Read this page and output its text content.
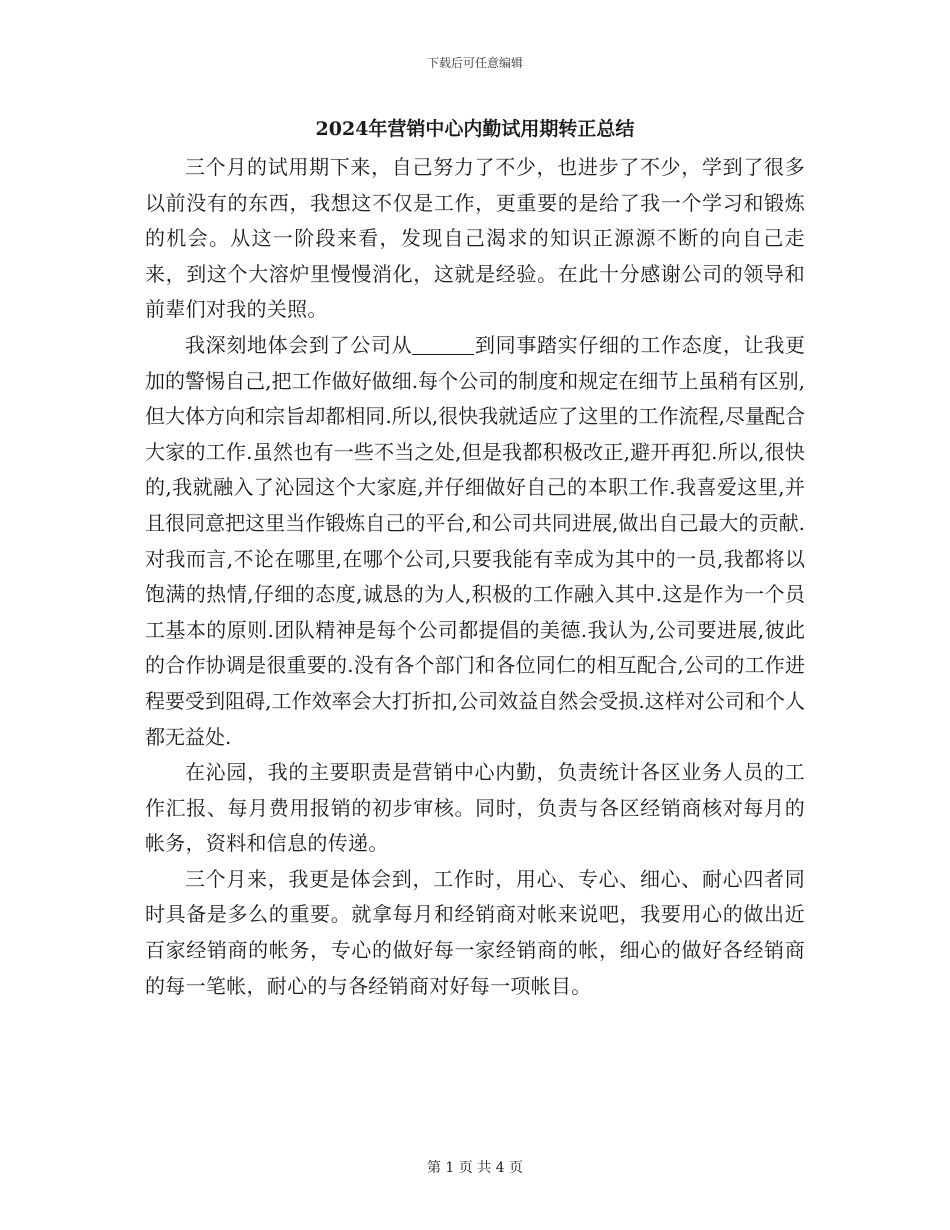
下载后可任意编辑
2024年营销中心内勤试用期转正总结

三个月的试用期下来，自己努力了不少，也进步了不少，学到了很多以前没有的东西，我想这不仅是工作，更重要的是给了我一个学习和锻炼的机会。从这一阶段来看，发现自己渴求的知识正源源不断的向自己走来，到这个大溶炉里慢慢消化，这就是经验。在此十分感谢公司的领导和前辈们对我的关照。

我深刻地体会到了公司从	到同事踏实仔细的工作态度，让我更加的警惕自己,把工作做好做细.每个公司的制度和规定在细节上虽稍有区别,但大体方向和宗旨却都相同.所以,很快我就适应了这里的工作流程,尽量配合大家的工作.虽然也有一些不当之处,但是我都积极改正,避开再犯.所以,很快的,我就融入了沁园这个大家庭,并仔细做好自己的本职工作.我喜爱这里,并且很同意把这里当作锻炼自己的平台,和公司共同进展,做出自己最大的贡献.对我而言,不论在哪里,在哪个公司,只要我能有幸成为其中的一员,我都将以饱满的热情,仔细的态度,诚恳的为人,积极的工作融入其中.这是作为一个员工基本的原则.团队精神是每个公司都提倡的美德.我认为,公司要进展,彼此的合作协调是很重要的.没有各个部门和各位同仁的相互配合,公司的工作进程要受到阻碍,工作效率会大打折扣,公司效益自然会受损.这样对公司和个人都无益处.

在沁园，我的主要职责是营销中心内勤，负责统计各区业务人员的工作汇报、每月费用报销的初步审核。同时，负责与各区经销商核对每月的帐务，资料和信息的传递。

三个月来，我更是体会到，工作时，用心、专心、细心、耐心四者同时具备是多么的重要。就拿每月和经销商对帐来说吧，我要用心的做出近百家经销商的帐务，专心的做好每一家经销商的帐，细心的做好各经销商的每一笔帐，耐心的与各经销商对好每一项帐目。

第 1 页 共 4 页
